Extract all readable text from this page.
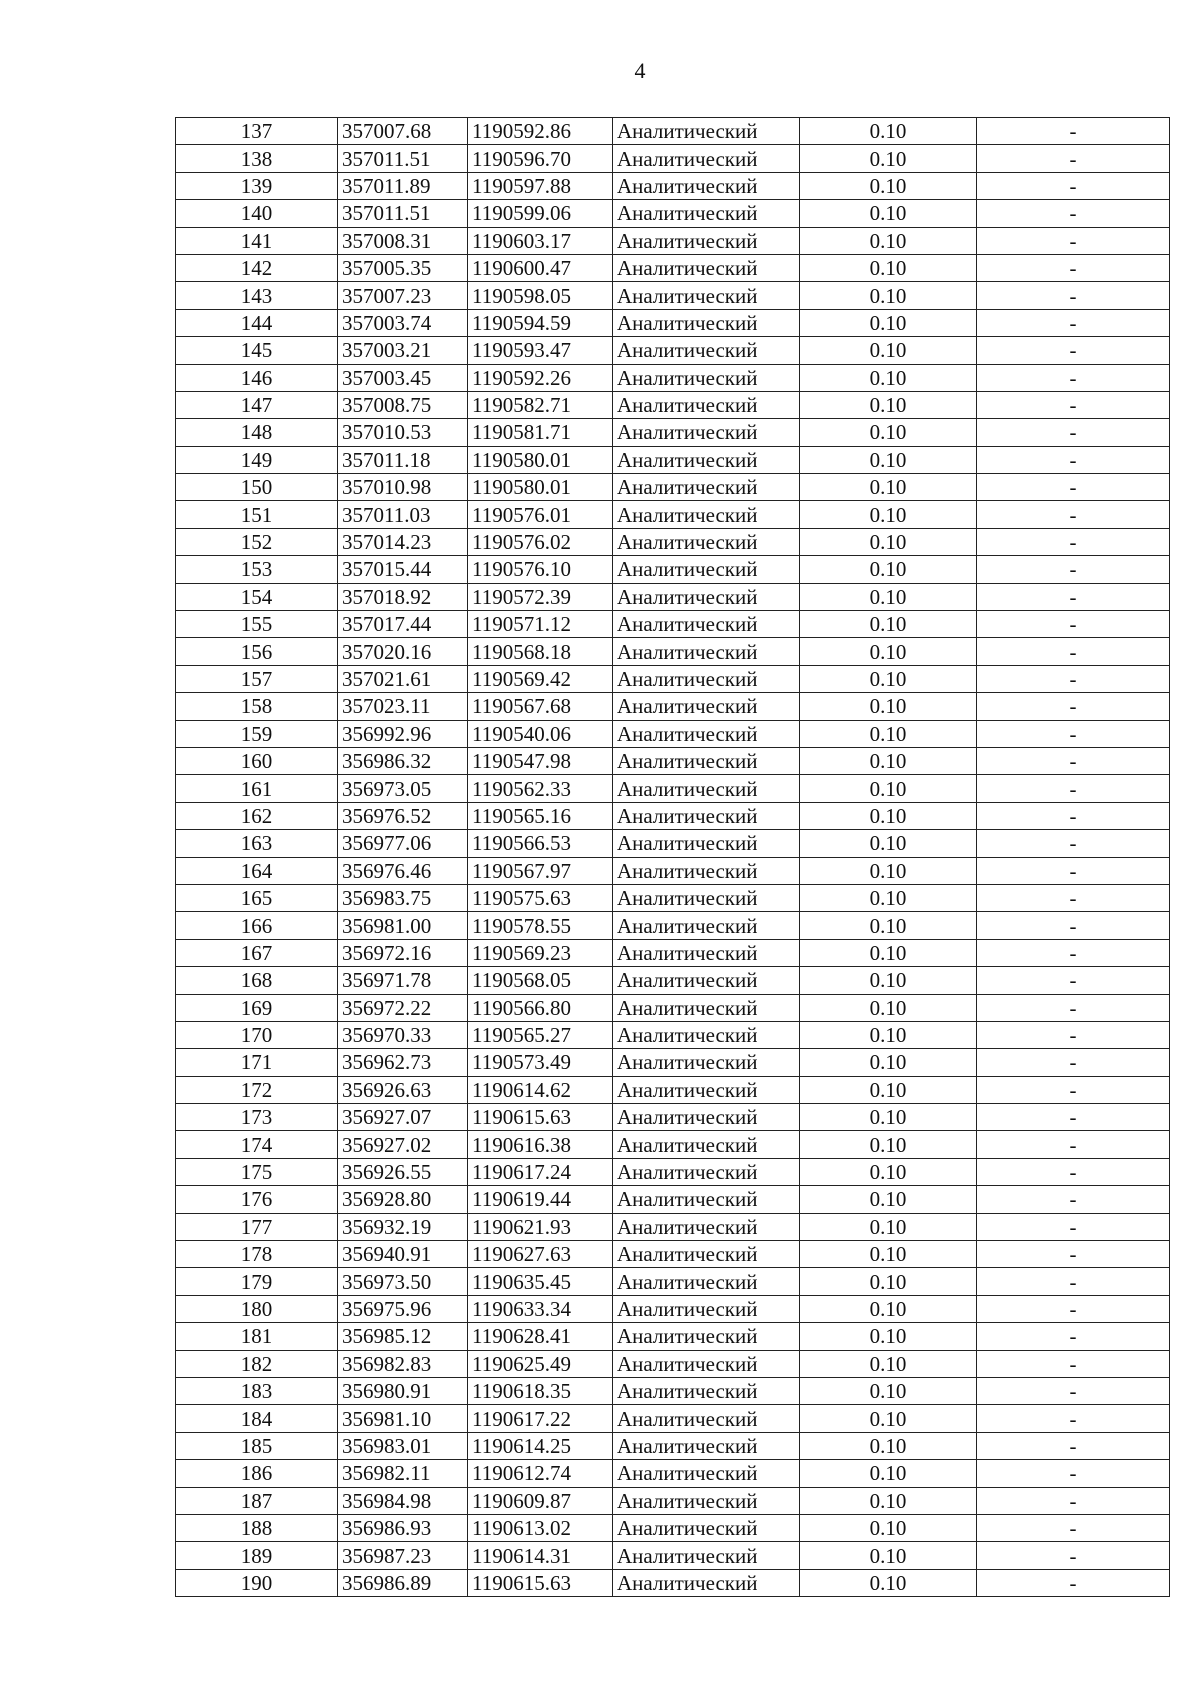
4
137	357007.68	1190592.86	Аналитический	0.10	-
138	357011.51	1190596.70	Аналитический	0.10	-
139	357011.89	1190597.88	Аналитический	0.10	-
140	357011.51	1190599.06	Аналитический	0.10	-
141	357008.31	1190603.17	Аналитический	0.10	-
142	357005.35	1190600.47	Аналитический	0.10	-
143	357007.23	1190598.05	Аналитический	0.10	-
144	357003.74	1190594.59	Аналитический	0.10	-
145	357003.21	1190593.47	Аналитический	0.10	-
146	357003.45	1190592.26	Аналитический	0.10	-
147	357008.75	1190582.71	Аналитический	0.10	-
148	357010.53	1190581.71	Аналитический	0.10	-
149	357011.18	1190580.01	Аналитический	0.10	-
150	357010.98	1190580.01	Аналитический	0.10	-
151	357011.03	1190576.01	Аналитический	0.10	-
152	357014.23	1190576.02	Аналитический	0.10	-
153	357015.44	1190576.10	Аналитический	0.10	-
154	357018.92	1190572.39	Аналитический	0.10	-
155	357017.44	1190571.12	Аналитический	0.10	-
156	357020.16	1190568.18	Аналитический	0.10	-
157	357021.61	1190569.42	Аналитический	0.10	-
158	357023.11	1190567.68	Аналитический	0.10	-
159	356992.96	1190540.06	Аналитический	0.10	-
160	356986.32	1190547.98	Аналитический	0.10	-
161	356973.05	1190562.33	Аналитический	0.10	-
162	356976.52	1190565.16	Аналитический	0.10	-
163	356977.06	1190566.53	Аналитический	0.10	-
164	356976.46	1190567.97	Аналитический	0.10	-
165	356983.75	1190575.63	Аналитический	0.10	-
166	356981.00	1190578.55	Аналитический	0.10	-
167	356972.16	1190569.23	Аналитический	0.10	-
168	356971.78	1190568.05	Аналитический	0.10	-
169	356972.22	1190566.80	Аналитический	0.10	-
170	356970.33	1190565.27	Аналитический	0.10	-
171	356962.73	1190573.49	Аналитический	0.10	-
172	356926.63	1190614.62	Аналитический	0.10	-
173	356927.07	1190615.63	Аналитический	0.10	-
174	356927.02	1190616.38	Аналитический	0.10	-
175	356926.55	1190617.24	Аналитический	0.10	-
176	356928.80	1190619.44	Аналитический	0.10	-
177	356932.19	1190621.93	Аналитический	0.10	-
178	356940.91	1190627.63	Аналитический	0.10	-
179	356973.50	1190635.45	Аналитический	0.10	-
180	356975.96	1190633.34	Аналитический	0.10	-
181	356985.12	1190628.41	Аналитический	0.10	-
182	356982.83	1190625.49	Аналитический	0.10	-
183	356980.91	1190618.35	Аналитический	0.10	-
184	356981.10	1190617.22	Аналитический	0.10	-
185	356983.01	1190614.25	Аналитический	0.10	-
186	356982.11	1190612.74	Аналитический	0.10	-
187	356984.98	1190609.87	Аналитический	0.10	-
188	356986.93	1190613.02	Аналитический	0.10	-
189	356987.23	1190614.31	Аналитический	0.10	-
190	356986.89	1190615.63	Аналитический	0.10	-
